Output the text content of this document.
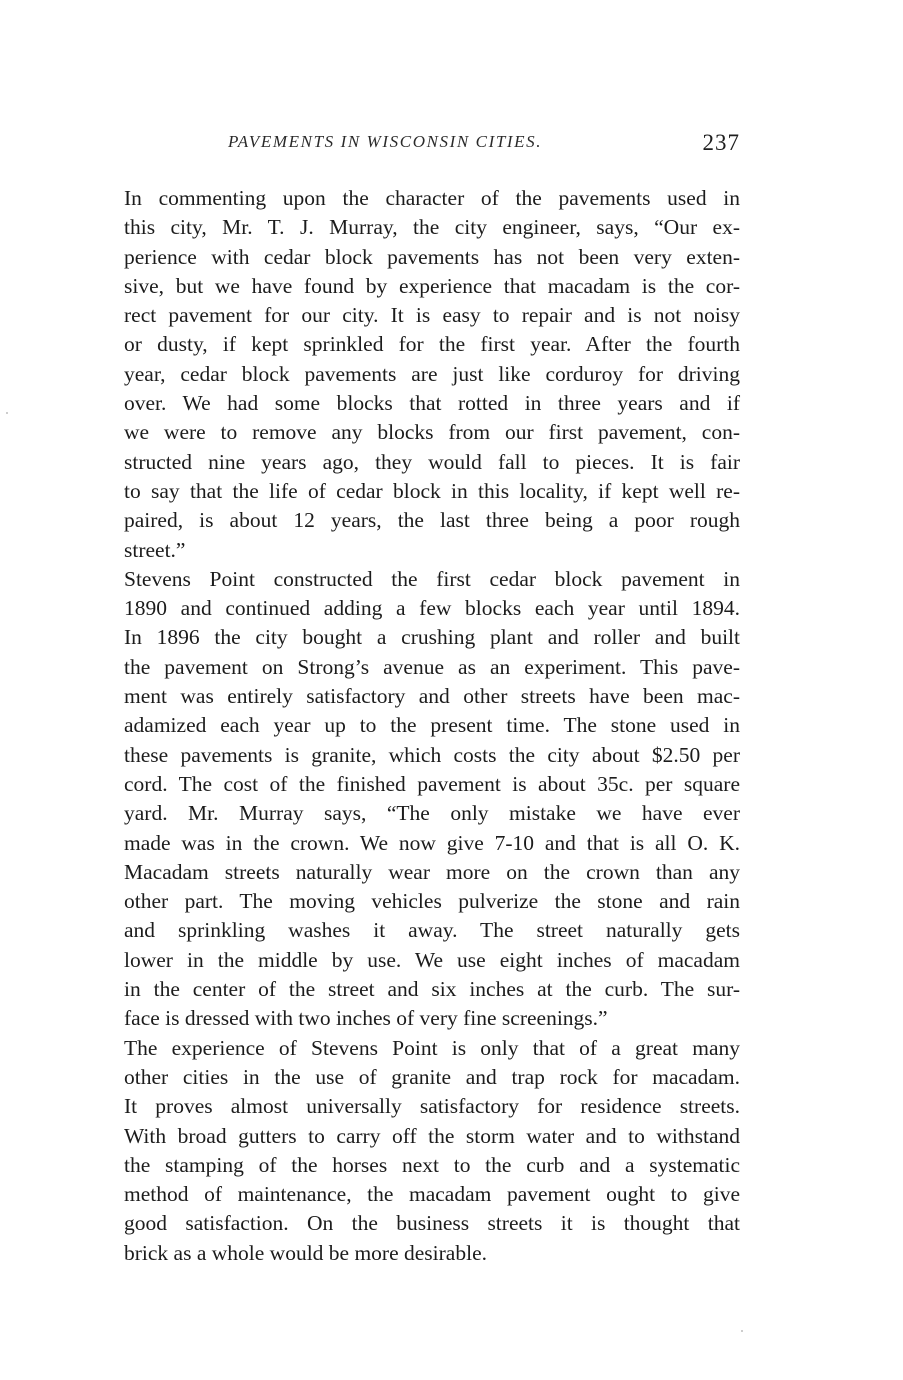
PAVEMENTS IN WISCONSIN CITIES.	237
In commenting upon the character of the pavements used in
this city, Mr. T. J. Murray, the city engineer, says, “Our ex-
perience with cedar block pavements has not been very exten-
sive, but we have found by experience that macadam is the cor-
rect pavement for our city. It is easy to repair and is not noisy
or dusty, if kept sprinkled for the first year. After the fourth
year, cedar block pavements are just like corduroy for driving
over. We had some blocks that rotted in three years and if
we were to remove any blocks from our first pavement, con-
structed nine years ago, they would fall to pieces. It is fair
to say that the life of cedar block in this locality, if kept well re-
paired, is about 12 years, the last three being a poor rough
street.”
Stevens Point constructed the first cedar block pavement in
1890 and continued adding a few blocks each year until 1894.
In 1896 the city bought a crushing plant and roller and built
the pavement on Strong’s avenue as an experiment. This pave-
ment was entirely satisfactory and other streets have been mac-
adamized each year up to the present time. The stone used in
these pavements is granite, which costs the city about $2.50 per
cord. The cost of the finished pavement is about 35c. per square
yard. Mr. Murray says, “The only mistake we have ever
made was in the crown. We now give 7-10 and that is all O. K.
Macadam streets naturally wear more on the crown than any
other part. The moving vehicles pulverize the stone and rain
and sprinkling washes it away. The street naturally gets
lower in the middle by use. We use eight inches of macadam
in the center of the street and six inches at the curb. The sur-
face is dressed with two inches of very fine screenings.”
The experience of Stevens Point is only that of a great many
other cities in the use of granite and trap rock for macadam.
It proves almost universally satisfactory for residence streets.
With broad gutters to carry off the storm water and to withstand
the stamping of the horses next to the curb and a systematic
method of maintenance, the macadam pavement ought to give
good satisfaction. On the business streets it is thought that
brick as a whole would be more desirable.
